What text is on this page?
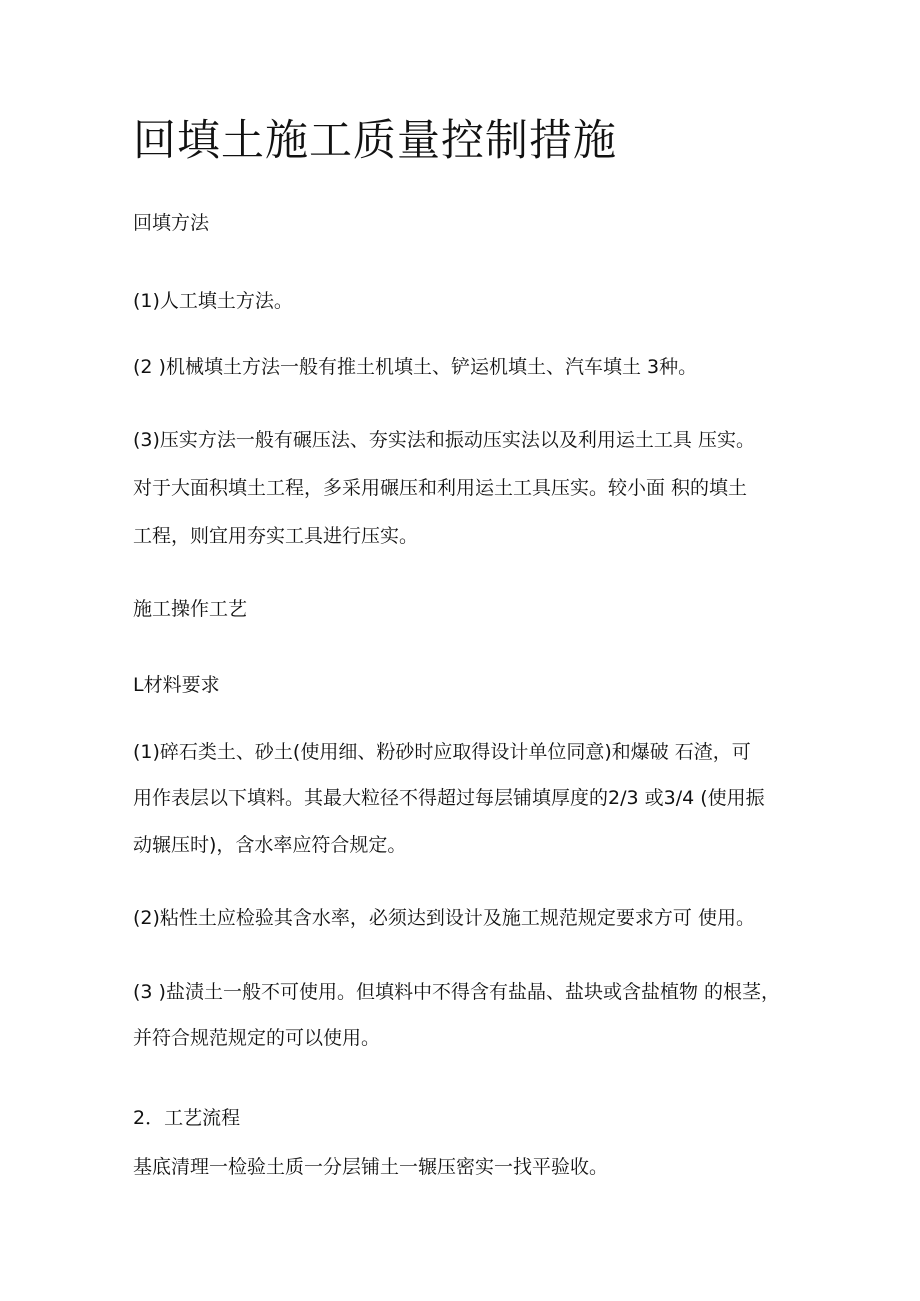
回填土施工质量控制措施

回填方法

(1)人工填土方法。

(2 )机械填土方法一般有推土机填土、铲运机填土、汽车填土 3种。

(3)压实方法一般有碾压法、夯实法和振动压实法以及利用运土工具 压实。

对于大面积填土工程，多采用碾压和利用运土工具压实。较小面 积的填土

工程，则宜用夯实工具进行压实。

施工操作工艺

L材料要求

(1)碎石类土、砂土(使用细、粉砂时应取得设计单位同意)和爆破 石渣，可

用作表层以下填料。其最大粒径不得超过每层铺填厚度的2/3 或3/4 (使用振

动辗压时)，含水率应符合规定。

(2)粘性土应检验其含水率，必须达到设计及施工规范规定要求方可 使用。

(3 )盐渍土一般不可使用。但填料中不得含有盐晶、盐块或含盐植物 的根茎，

并符合规范规定的可以使用。

2．工艺流程

基底清理一检验土质一分层铺土一辗压密实一找平验收。
